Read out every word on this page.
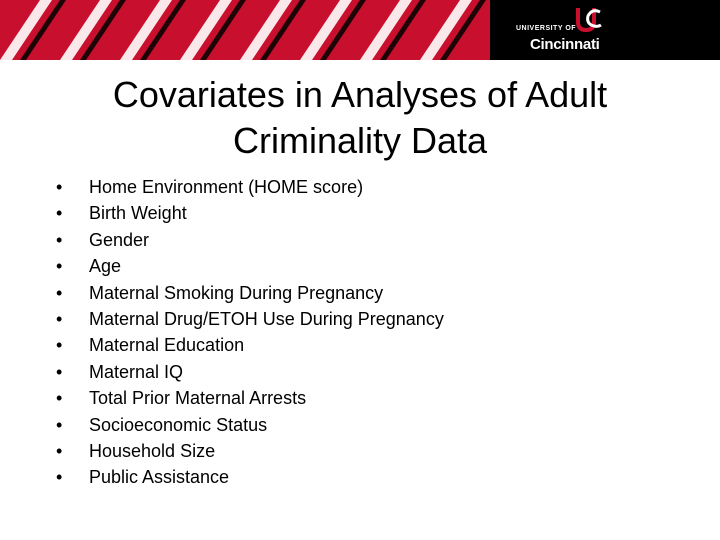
UNIVERSITY OF
Cincinnati
Covariates in Analyses of Adult
Criminality Data
•	Home Environment (HOME score)
•	Birth Weight
•	Gender
•	Age
•	Maternal Smoking During Pregnancy
•	Maternal Drug/ETOH Use During Pregnancy
•	Maternal Education
•	Maternal IQ
•	Total Prior Maternal Arrests
•	Socioeconomic Status
•	Household Size
•	Public Assistance
